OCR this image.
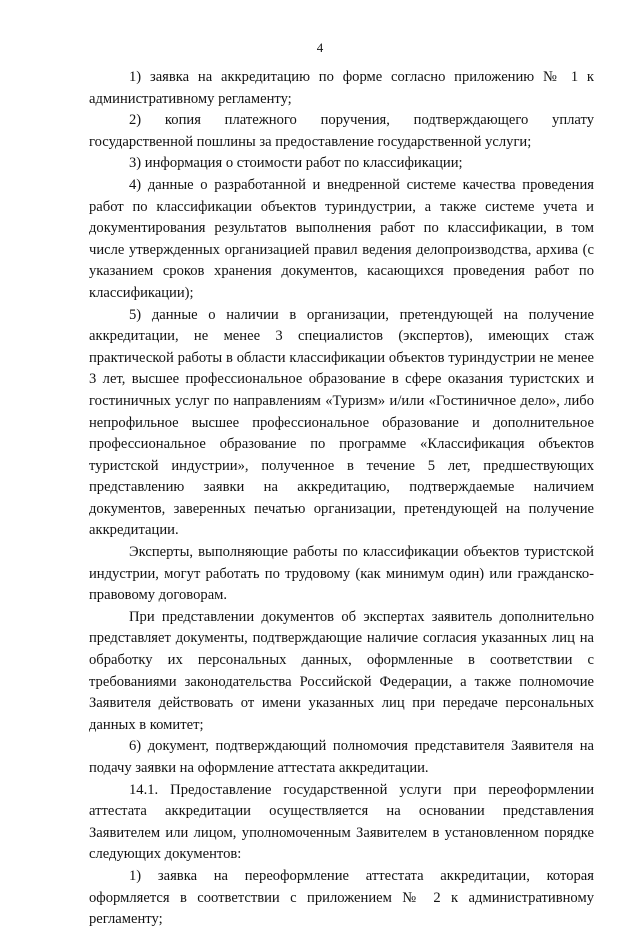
4

1) заявка на аккредитацию по форме согласно приложению № 1 к административному регламенту;

2) копия платежного поручения, подтверждающего уплату государственной пошлины за предоставление государственной услуги;

3) информация о стоимости работ по классификации;

4) данные о разработанной и внедренной системе качества проведения работ по классификации объектов туриндустрии, а также системе учета и документирования результатов выполнения работ по классификации, в том числе утвержденных организацией правил ведения делопроизводства, архива (с указанием сроков хранения документов, касающихся проведения работ по классификации);

5) данные о наличии в организации, претендующей на получение аккредитации, не менее 3 специалистов (экспертов), имеющих стаж практической работы в области классификации объектов туриндустрии не менее 3 лет, высшее профессиональное образование в сфере оказания туристских и гостиничных услуг по направлениям «Туризм» и/или «Гостиничное дело», либо непрофильное высшее профессиональное образование и дополнительное профессиональное образование по программе «Классификация объектов туристской индустрии», полученное в течение 5 лет, предшествующих представлению заявки на аккредитацию, подтверждаемые наличием документов, заверенных печатью организации, претендующей на получение аккредитации.

Эксперты, выполняющие работы по классификации объектов туристской индустрии, могут работать по трудовому (как минимум один) или гражданско-правовому договорам.

При представлении документов об экспертах заявитель дополнительно представляет документы, подтверждающие наличие согласия указанных лиц на обработку их персональных данных, оформленные в соответствии с требованиями законодательства Российской Федерации, а также полномочие Заявителя действовать от имени указанных лиц при передаче персональных данных в комитет;

6) документ, подтверждающий полномочия представителя Заявителя на подачу заявки на оформление аттестата аккредитации.

14.1. Предоставление государственной услуги при переоформлении аттестата аккредитации осуществляется на основании представления Заявителем или лицом, уполномоченным Заявителем в установленном порядке следующих документов:

1) заявка на переоформление аттестата аккредитации, которая оформляется в соответствии с приложением № 2 к административному регламенту;
